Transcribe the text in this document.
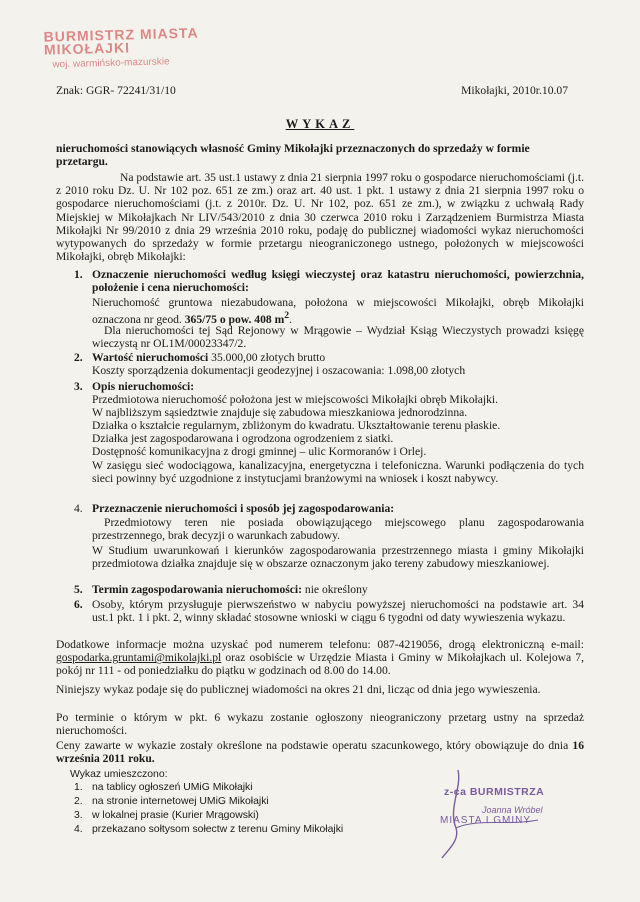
BURMISTRZ MIASTA MIKOŁAJKI
woj. warmińsko-mazurskie
Znak: GGR- 72241/31/10	Mikołajki, 2010r.10.07
WYKAZ

nieruchomości stanowiących własność Gminy Mikołajki przeznaczonych do sprzedaży w formie przetargu.

Na podstawie art. 35 ust.1 ustawy z dnia 21 sierpnia 1997 roku o gospodarce nieruchomościami (j.t. z 2010 roku Dz. U. Nr 102 poz. 651 ze zm.) oraz art. 40 ust. 1 pkt. 1 ustawy z dnia 21 sierpnia 1997 roku o gospodarce nieruchomościami (j.t. z 2010r. Dz. U. Nr 102, poz. 651 ze zm.), w związku z uchwałą Rady Miejskiej w Mikołajkach Nr LIV/543/2010 z dnia 30 czerwca 2010 roku i Zarządzeniem Burmistrza Miasta Mikołajki Nr 99/2010 z dnia 29 września 2010 roku, podaję do publicznej wiadomości wykaz nieruchomości wytypowanych do sprzedaży w formie przetargu nieograniczonego ustnego, położonych w miejscowości Mikołajki, obręb Mikołajki:

1. Oznaczenie nieruchomości według księgi wieczystej oraz katastru nieruchomości, powierzchnia, położenie i cena nieruchomości:

Nieruchomość gruntowa niezabudowana, położona w miejscowości Mikołajki, obręb Mikołajki oznaczona nr geod. 365/75 o pow. 408 $m^2$.

Dla nieruchomości tej Sąd Rejonowy w Mrągowie – Wydział Ksiąg Wieczystych prowadzi księgę wieczystą nr OL1M/00023347/2.

2. Wartość nieruchomości 35.000,00 złotych brutto

Koszty sporządzenia dokumentacji geodezyjnej i oszacowania: 1.098,00 złotych

3. Opis nieruchomości:

Przedmiotowa nieruchomość położona jest w miejscowości Mikołajki obręb Mikołajki.

W najbliższym sąsiedztwie znajduje się zabudowa mieszkaniowa jednorodzinna.

Działka o kształcie regularnym, zbliżonym do kwadratu. Ukształtowanie terenu płaskie.

Działka jest zagospodarowana i ogrodzona ogrodzeniem z siatki.

Dostępność komunikacyjna z drogi gminnej – ulic Kormoranów i Orlej.

W zasięgu sieć wodociągowa, kanalizacyjna, energetyczna i telefoniczna. Warunki podłączenia do tych sieci powinny być uzgodnione z instytucjami branżowymi na wniosek i koszt nabywcy.

4. Przeznaczenie nieruchomości i sposób jej zagospodarowania:

Przedmiotowy teren nie posiada obowiązującego miejscowego planu zagospodarowania przestrzennego, brak decyzji o warunkach zabudowy.

W Studium uwarunkowań i kierunków zagospodarowania przestrzennego miasta i gminy Mikołajki przedmiotowa działka znajduje się w obszarze oznaczonym jako tereny zabudowy mieszkaniowej.

5. Termin zagospodarowania nieruchomości: nie określony

6. Osoby, którym przysługuje pierwszeństwo w nabyciu powyższej nieruchomości na podstawie art. 34 ust.1 pkt. 1 i pkt. 2, winny składać stosowne wnioski w ciągu 6 tygodni od daty wywieszenia wykazu.

Dodatkowe informacje można uzyskać pod numerem telefonu: 087-4219056, drogą elektroniczną e-mail: gospodarka.gruntami@mikolajki.pl oraz osobiście w Urzędzie Miasta i Gminy w Mikołajkach ul. Kolejowa 7, pokój nr 111 - od poniedziałku do piątku w godzinach od 8.00 do 14.00.

Niniejszy wykaz podaje się do publicznej wiadomości na okres 21 dni, licząc od dnia jego wywieszenia.

Po terminie o którym w pkt. 6 wykazu zostanie ogłoszony nieograniczony przetarg ustny na sprzedaż nieruchomości.

Ceny zawarte w wykazie zostały określone na podstawie operatu szacunkowego, który obowiązuje do dnia 16 września 2011 roku.

Wykaz umieszczono:
1. na tablicy ogłoszeń UMiG Mikołajki

2. na stronie internetowej UMiG Mikołajki

3. w lokalnej prasie (Kurier Mrągowski)

4. przekazano sołtysom sołectw z terenu Gminy Mikołajki

z-ca BURMISTRZA
Joanna Wróbel
MIASTA I GMINY
